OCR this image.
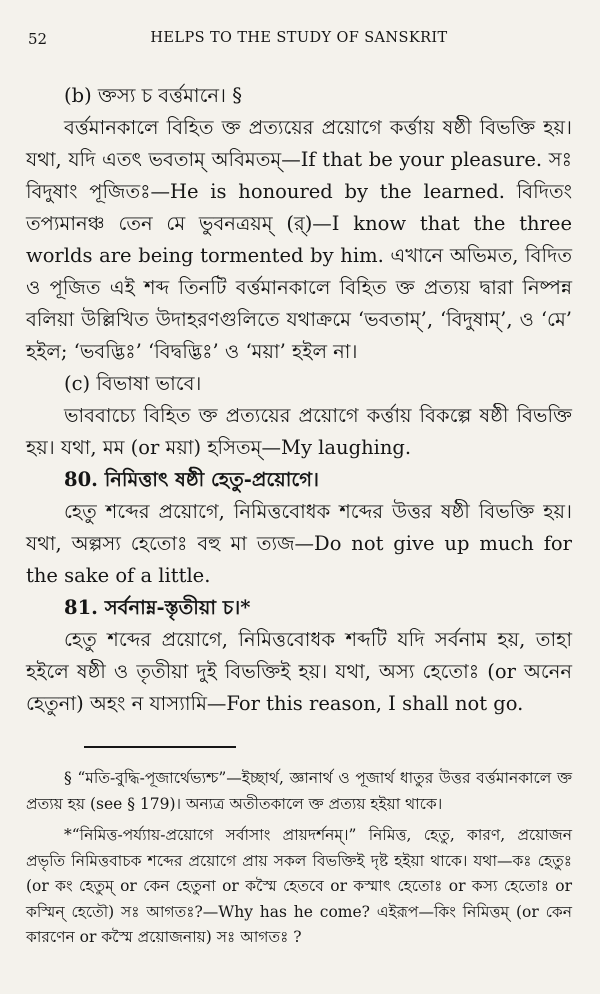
52	HELPS TO THE STUDY OF SANSKRIT

(b) ক্তস্য চ বর্ত্তমানে। §

বর্ত্তমানকালে বিহিত ক্ত প্রত্যয়ের প্রয়োগে কর্ত্তায় ষষ্ঠী বিভক্তি হয়। যথা, যদি এতৎ ভবতাম্ অবিমতম্—If that be your pleasure. সঃ বিদুষাং পূজিতঃ—He is honoured by the learned. বিদিতং তপ্যমানঞ্চ তেন মে ভুবনত্রয়ম্ (র্)—I know that the three worlds are being tormented by him. এখানে অভিমত, বিদিত ও পূজিত এই শব্দ তিনটি বর্ত্তমানকালে বিহিত ক্ত প্রত্যয় দ্বারা নিষ্পন্ন বলিয়া উল্লিখিত উদাহরণগুলিতে যথাক্রমে ‘ভবতাম্’, ‘বিদুষাম্’, ও ‘মে’ হইল; ‘ভবদ্ভিঃ’ ‘বিদ্বদ্ভিঃ’ ও ‘ময়া’ হইল না।

(c) বিভাষা ভাবে।

ভাববাচ্যে বিহিত ক্ত প্রত্যয়ের প্রয়োগে কর্ত্তায় বিকল্পে ষষ্ঠী বিভক্তি হয়। যথা, মম (or ময়া) হসিতম্—My laughing.

80. নিমিত্তাৎ ষষ্ঠী হেতু-প্রয়োগে।

হেতু শব্দের প্রয়োগে, নিমিত্তবোধক শব্দের উত্তর ষষ্ঠী বিভক্তি হয়। যথা, অল্পস্য হেতোঃ বহু মা ত্যজ—Do not give up much for the sake of a little.

81. সর্বনাম্ন-স্তৃতীয়া চ।*

হেতু শব্দের প্রয়োগে, নিমিত্তবোধক শব্দটি যদি সর্বনাম হয়, তাহা হইলে ষষ্ঠী ও তৃতীয়া দুই বিভক্তিই হয়। যথা, অস্য হেতোঃ (or অনেন হেতুনা) অহং ন যাস্যামি—For this reason, I shall not go.

§ “মতি-বুদ্ধি-পূজার্থেভ্যশ্চ”—ইচ্ছার্থ, জ্ঞানার্থ ও পূজার্থ ধাতুর উত্তর বর্ত্তমানকালে ক্ত প্রত্যয় হয় (see § 179)। অন্যত্র অতীতকালে ক্ত প্রত্যয় হইয়া থাকে।

*“নিমিত্ত-পর্য্যায়-প্রয়োগে সর্বাসাং প্রায়দর্শনম্।” নিমিত্ত, হেতু, কারণ, প্রয়োজন প্রভৃতি নিমিত্তবাচক শব্দের প্রয়োগে প্রায় সকল বিভক্তিই দৃষ্ট হইয়া থাকে। যথা—কঃ হেতুঃ (or কং হেতুম্ or কেন হেতুনা or কস্মৈ হেতবে or কস্মাৎ হেতোঃ or কস্য হেতোঃ or কস্মিন্ হেতৌ) সঃ আগতঃ?—Why has he come? এইরূপ—কিং নিমিত্তম্ (or কেন কারণেন or কস্মৈ প্রয়োজনায়) সঃ আগতঃ ?
